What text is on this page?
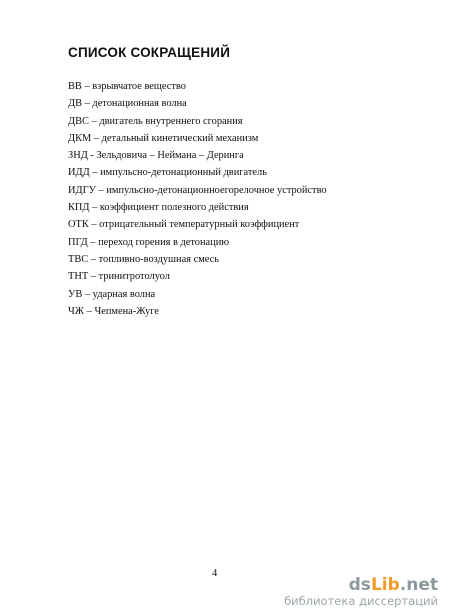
СПИСОК СОКРАЩЕНИЙ
ВВ – взрывчатое вещество
ДВ – детонационная волна
ДВС – двигатель внутреннего сгорания
ДКМ – детальный кинетический механизм
ЗНД - Зельдовича – Неймана – Деринга
ИДД – импульсно-детонационный двигатель
ИДГУ – импульсно-детонационноегорелочное устройство
КПД – коэффициент полезного действия
ОТК – отрицательный температурный коэффициент
ПГД – переход горения в детонацию
ТВС – топливно-воздушная смесь
ТНТ – тринитротолуол
УВ – ударная волна
ЧЖ – Чепмена-Жуге
4
dsLib.net
библиотека диссертаций
